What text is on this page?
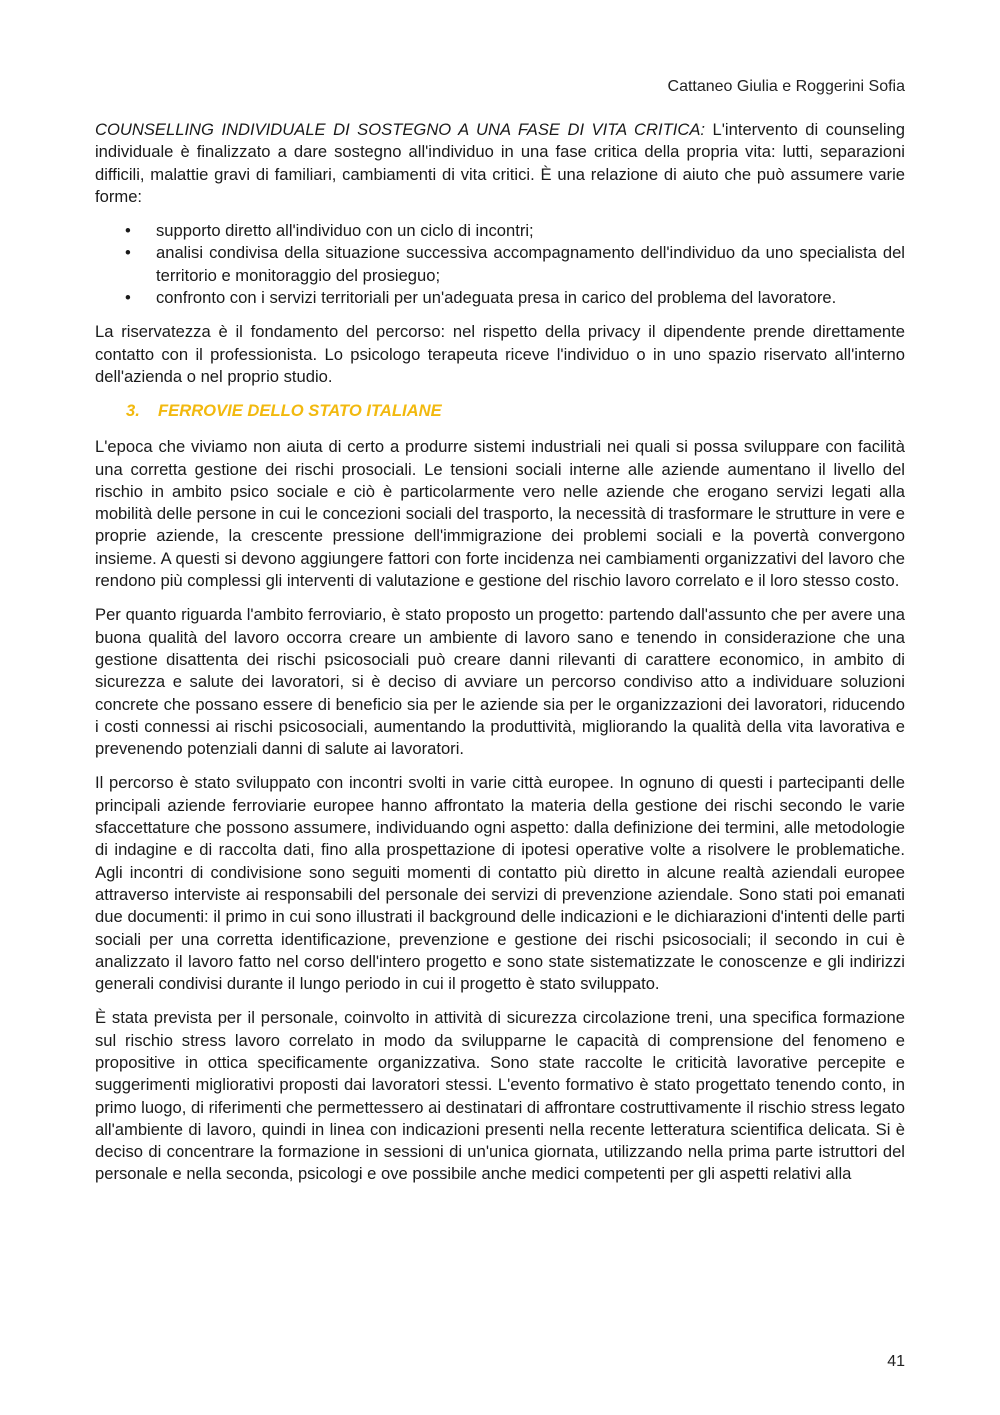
Cattaneo Giulia e Roggerini Sofia

COUNSELLING INDIVIDUALE DI SOSTEGNO A UNA FASE DI VITA CRITICA: L'intervento di counseling individuale è finalizzato a dare sostegno all'individuo in una fase critica della propria vita: lutti, separazioni difficili, malattie gravi di familiari, cambiamenti di vita critici. È una relazione di aiuto che può assumere varie forme:

• supporto diretto all'individuo con un ciclo di incontri;
• analisi condivisa della situazione successiva accompagnamento dell'individuo da uno specialista del territorio e monitoraggio del prosieguo;
• confronto con i servizi territoriali per un'adeguata presa in carico del problema del lavoratore.

La riservatezza è il fondamento del percorso: nel rispetto della privacy il dipendente prende direttamente contatto con il professionista. Lo psicologo terapeuta riceve l'individuo o in uno spazio riservato all'interno dell'azienda o nel proprio studio.

3. FERROVIE DELLO STATO ITALIANE

L'epoca che viviamo non aiuta di certo a produrre sistemi industriali nei quali si possa sviluppare con facilità una corretta gestione dei rischi prosociali. Le tensioni sociali interne alle aziende aumentano il livello del rischio in ambito psico sociale e ciò è particolarmente vero nelle aziende che erogano servizi legati alla mobilità delle persone in cui le concezioni sociali del trasporto, la necessità di trasformare le strutture in vere e proprie aziende, la crescente pressione dell'immigrazione dei problemi sociali e la povertà convergono insieme. A questi si devono aggiungere fattori con forte incidenza nei cambiamenti organizzativi del lavoro che rendono più complessi gli interventi di valutazione e gestione del rischio lavoro correlato e il loro stesso costo.

Per quanto riguarda l'ambito ferroviario, è stato proposto un progetto: partendo dall'assunto che per avere una buona qualità del lavoro occorra creare un ambiente di lavoro sano e tenendo in considerazione che una gestione disattenta dei rischi psicosociali può creare danni rilevanti di carattere economico, in ambito di sicurezza e salute dei lavoratori, si è deciso di avviare un percorso condiviso atto a individuare soluzioni concrete che possano essere di beneficio sia per le aziende sia per le organizzazioni dei lavoratori, riducendo i costi connessi ai rischi psicosociali, aumentando la produttività, migliorando la qualità della vita lavorativa e prevenendo potenziali danni di salute ai lavoratori.

Il percorso è stato sviluppato con incontri svolti in varie città europee. In ognuno di questi i partecipanti delle principali aziende ferroviarie europee hanno affrontato la materia della gestione dei rischi secondo le varie sfaccettature che possono assumere, individuando ogni aspetto: dalla definizione dei termini, alle metodologie di indagine e di raccolta dati, fino alla prospettazione di ipotesi operative volte a risolvere le problematiche. Agli incontri di condivisione sono seguiti momenti di contatto più diretto in alcune realtà aziendali europee attraverso interviste ai responsabili del personale dei servizi di prevenzione aziendale. Sono stati poi emanati due documenti: il primo in cui sono illustrati il background delle indicazioni e le dichiarazioni d'intenti delle parti sociali per una corretta identificazione, prevenzione e gestione dei rischi psicosociali; il secondo in cui è analizzato il lavoro fatto nel corso dell'intero progetto e sono state sistematizzate le conoscenze e gli indirizzi generali condivisi durante il lungo periodo in cui il progetto è stato sviluppato.

È stata prevista per il personale, coinvolto in attività di sicurezza circolazione treni, una specifica formazione sul rischio stress lavoro correlato in modo da svilupparne le capacità di comprensione del fenomeno e propositive in ottica specificamente organizzativa. Sono state raccolte le criticità lavorative percepite e suggerimenti migliorativi proposti dai lavoratori stessi. L'evento formativo è stato progettato tenendo conto, in primo luogo, di riferimenti che permettessero ai destinatari di affrontare costruttivamente il rischio stress legato all'ambiente di lavoro, quindi in linea con indicazioni presenti nella recente letteratura scientifica delicata. Si è deciso di concentrare la formazione in sessioni di un'unica giornata, utilizzando nella prima parte istruttori del personale e nella seconda, psicologi e ove possibile anche medici competenti per gli aspetti relativi alla

41
